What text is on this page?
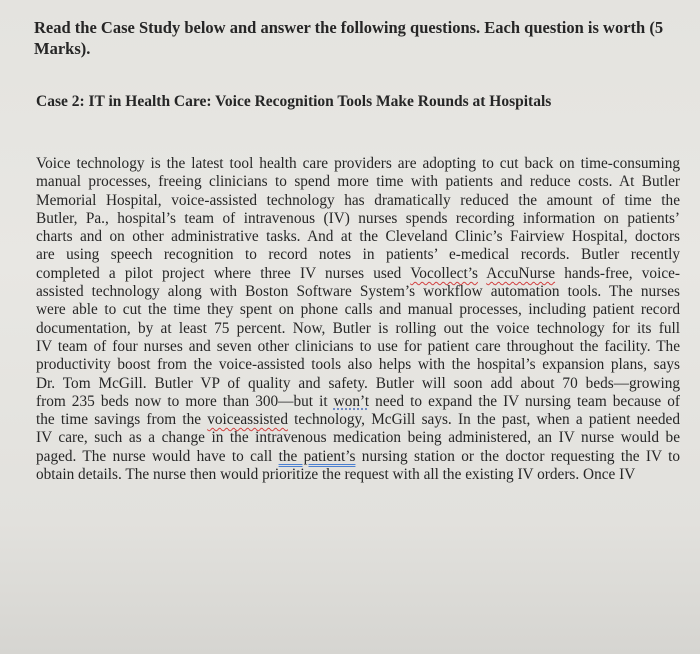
Read the Case Study below and answer the following questions. Each question is worth (5 Marks).
Case 2: IT in Health Care: Voice Recognition Tools Make Rounds at Hospitals
Voice technology is the latest tool health care providers are adopting to cut back on time-consuming
manual processes, freeing clinicians to spend more time with patients and reduce costs. At Butler
Memorial Hospital, voice-assisted technology has dramatically reduced the amount of time the
Butler, Pa., hospital’s team of intravenous (IV) nurses spends recording information on patients’
charts and on other administrative tasks. And at the Cleveland Clinic’s Fairview Hospital, doctors
are using speech recognition to record notes in patients’ e-medical records. Butler recently
completed a pilot project where three IV nurses used Vocollect’s AccuNurse hands-free, voice-
assisted technology along with Boston Software System’s workflow automation tools. The nurses
were able to cut the time they spent on phone calls and manual processes, including patient record
documentation, by at least 75 percent. Now, Butler is rolling out the voice technology for its full
IV team of four nurses and seven other clinicians to use for patient care throughout the facility. The
productivity boost from the voice-assisted tools also helps with the hospital’s expansion plans, says
Dr. Tom McGill. Butler VP of quality and safety. Butler will soon add about 70 beds—growing
from 235 beds now to more than 300—but it won’t need to expand the IV nursing team because of
the time savings from the voiceassisted technology, McGill says. In the past, when a patient needed
IV care, such as a change in the intravenous medication being administered, an IV nurse would be
paged. The nurse would have to call the patient’s nursing station or the doctor requesting the IV to
obtain details. The nurse then would prioritize the request with all the existing IV orders. Once IV
